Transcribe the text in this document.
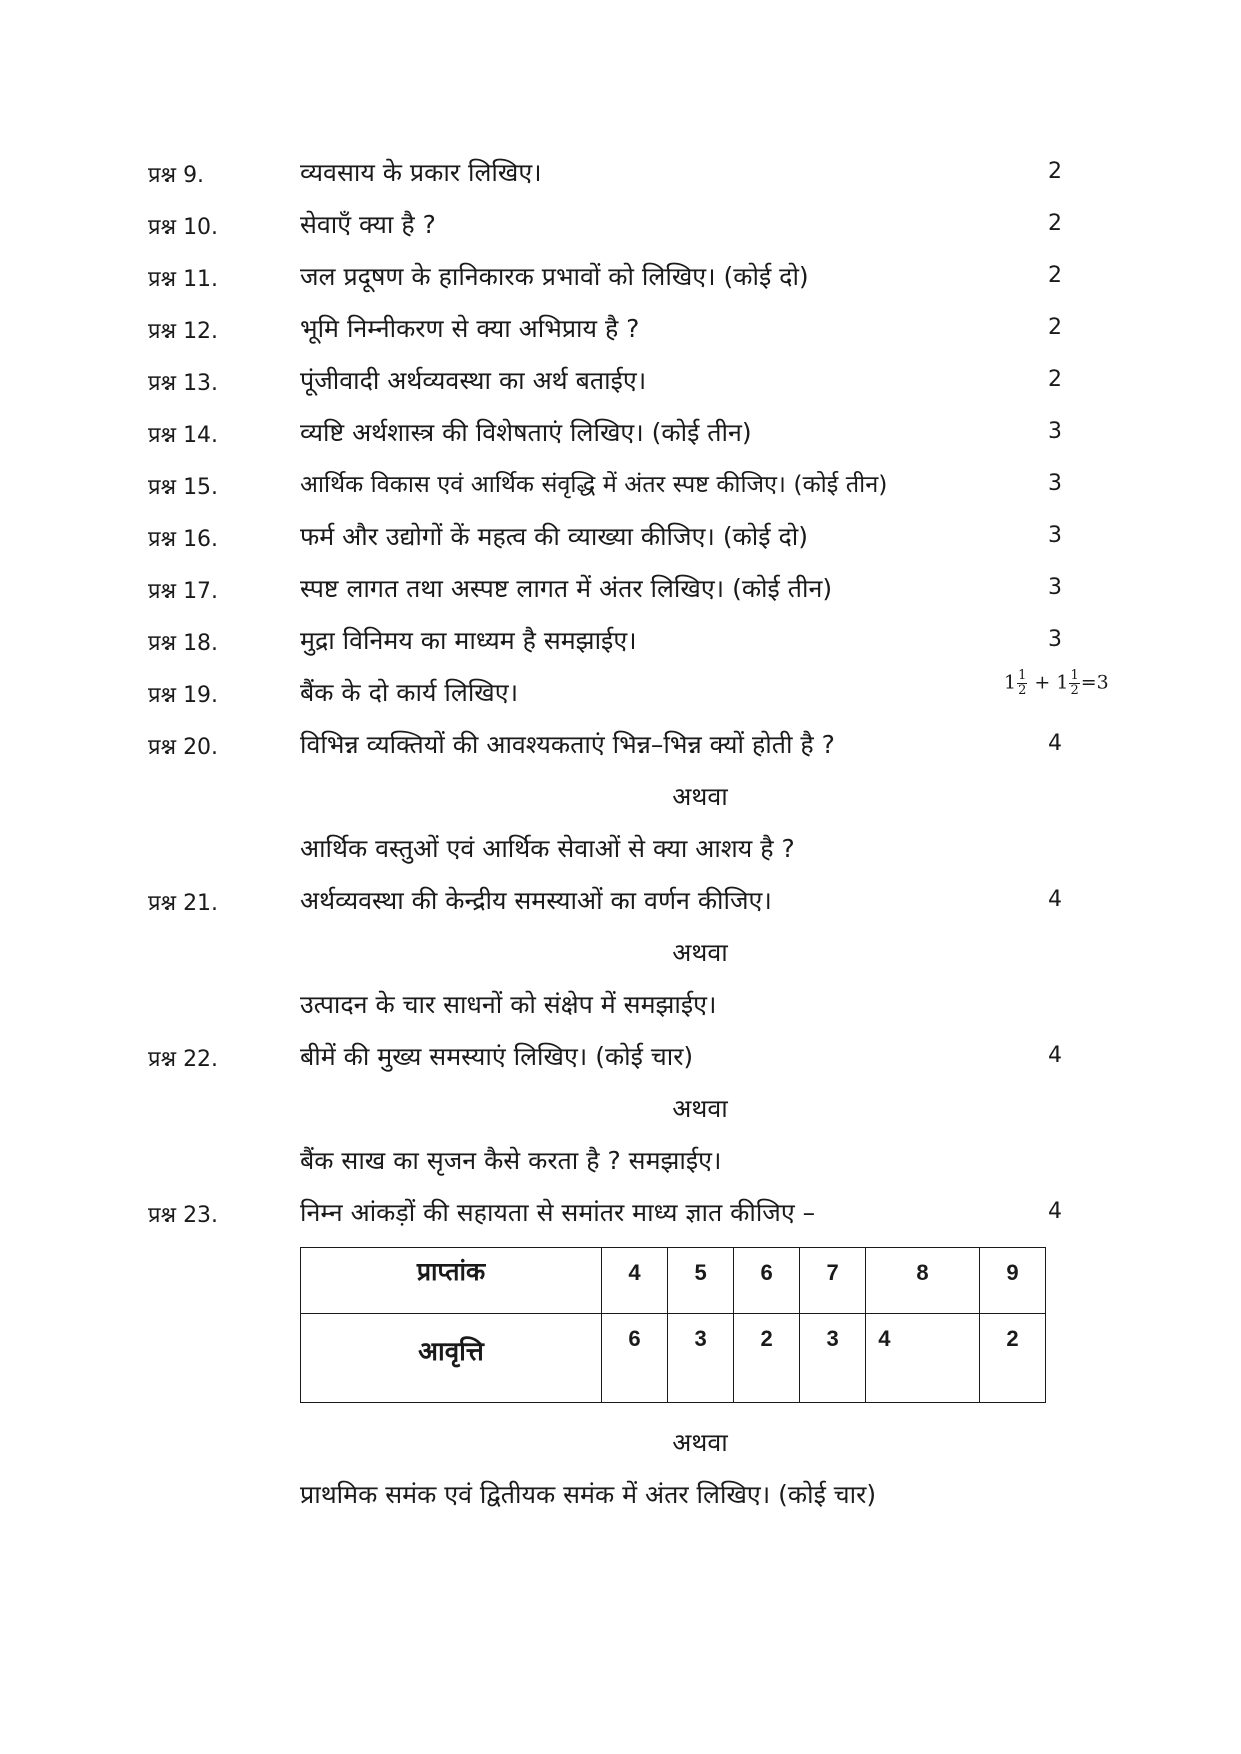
प्रश्न 9.	व्यवसाय के प्रकार लिखिए।	2
प्रश्न 10.	सेवाएँ क्या है ?	2
प्रश्न 11.	जल प्रदूषण के हानिकारक प्रभावों को लिखिए। (कोई दो)	2
प्रश्न 12.	भूमि निम्नीकरण से क्या अभिप्राय है ?	2
प्रश्न 13.	पूंजीवादी अर्थव्यवस्था का अर्थ बताईए।	2
प्रश्न 14.	व्यष्टि अर्थशास्त्र की विशेषताएं लिखिए। (कोई तीन)	3
प्रश्न 15.	आर्थिक विकास एवं आर्थिक संवृद्धि में अंतर स्पष्ट कीजिए। (कोई तीन)	3
प्रश्न 16.	फर्म और उद्योगों कें महत्व की व्याख्या कीजिए। (कोई दो)	3
प्रश्न 17.	स्पष्ट लागत तथा अस्पष्ट लागत में अंतर लिखिए। (कोई तीन)	3
प्रश्न 18.	मुद्रा विनिमय का माध्यम है समझाईए।	3
प्रश्न 19.	बैंक के दो कार्य लिखिए।	$1 \frac{1}{2} + 1 \frac{1}{2} =3$
प्रश्न 20.	विभिन्न व्यक्तियों की आवश्यकताएं भिन्न–भिन्न क्यों होती है ?	4
अथवा
आर्थिक वस्तुओं एवं आर्थिक सेवाओं से क्या आशय है ?
प्रश्न 21.	अर्थव्यवस्था की केन्द्रीय समस्याओं का वर्णन कीजिए।	4
अथवा
उत्पादन के चार साधनों को संक्षेप में समझाईए।
प्रश्न 22.	बीमें की मुख्य समस्याएं लिखिए। (कोई चार)	4
अथवा
बैंक साख का सृजन कैसे करता है ? समझाईए।
प्रश्न 23.	निम्न आंकड़ों की सहायता से समांतर माध्य ज्ञात कीजिए –	4
प्राप्तांक	4	5	6	7	8	9
आवृत्ति	6	3	2	3	4	2
अथवा
प्राथमिक समंक एवं द्वितीयक समंक में अंतर लिखिए। (कोई चार)
